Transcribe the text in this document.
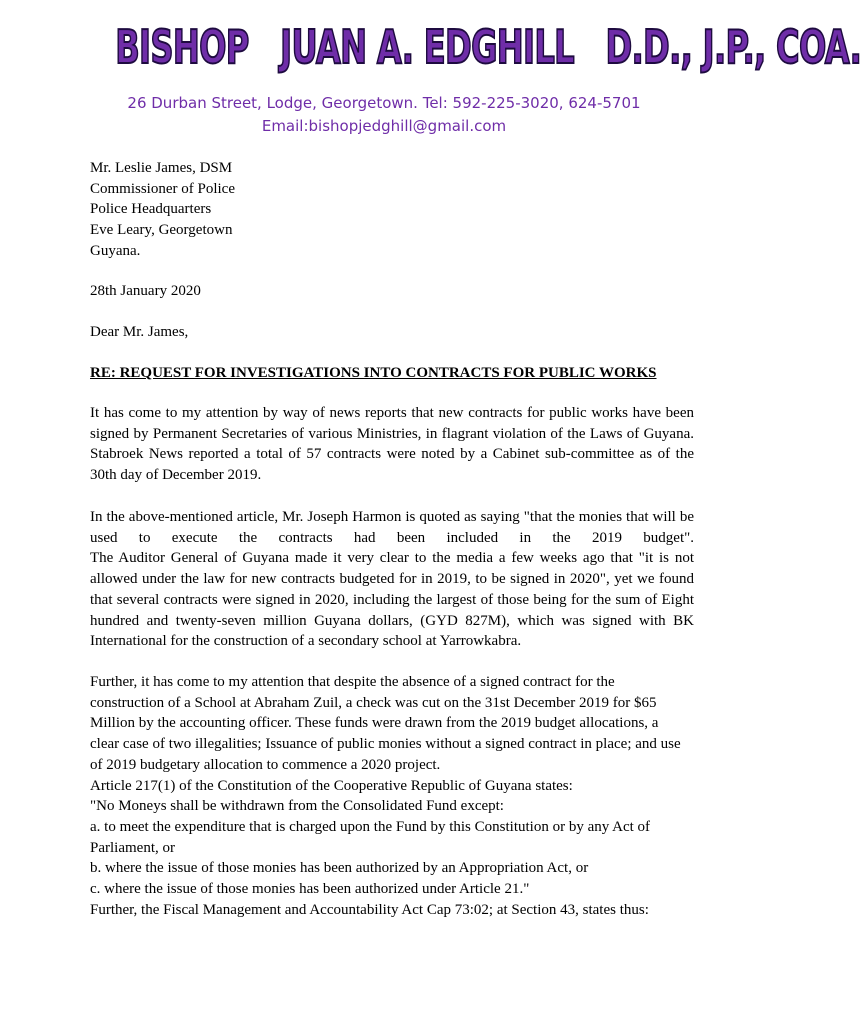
BISHOP   JUAN A. EDGHILL   D.D., J.P., COA.
26 Durban Street, Lodge, Georgetown. Tel: 592-225-3020, 624-5701
Email:bishopjedghill@gmail.com
Mr. Leslie James, DSM
Commissioner of Police
Police Headquarters
Eve Leary, Georgetown
Guyana.
28th January 2020
Dear Mr. James,
RE: REQUEST FOR INVESTIGATIONS INTO CONTRACTS FOR PUBLIC WORKS
It has come to my attention by way of news reports that new contracts for public works have been
signed by Permanent Secretaries of various Ministries, in flagrant violation of the Laws of Guyana.
Stabroek News reported a total of 57 contracts were noted by a Cabinet sub-committee as of the
30th day of December 2019.
In the above-mentioned article, Mr. Joseph Harmon is quoted as saying "that the monies that will be
used to execute the contracts had been included in the 2019 budget".
The Auditor General of Guyana made it very clear to the media a few weeks ago that "it is not
allowed under the law for new contracts budgeted for in 2019, to be signed in 2020", yet we found
that several contracts were signed in 2020, including the largest of those being for the sum of Eight
hundred and twenty-seven million Guyana dollars, (GYD 827M), which was signed with BK
International for the construction of a secondary school at Yarrowkabra.
Further, it has come to my attention that despite the absence of a signed contract for the
construction of a School at Abraham Zuil, a check was cut on the 31st December 2019 for $65
Million by the accounting officer. These funds were drawn from the 2019 budget allocations, a
clear case of two illegalities; Issuance of public monies without a signed contract in place; and use
of 2019 budgetary allocation to commence a 2020 project.
Article 217(1) of the Constitution of the Cooperative Republic of Guyana states:
"No Moneys shall be withdrawn from the Consolidated Fund except:
a. to meet the expenditure that is charged upon the Fund by this Constitution or by any Act of
Parliament, or
b. where the issue of those monies has been authorized by an Appropriation Act, or
c. where the issue of those monies has been authorized under Article 21."
Further, the Fiscal Management and Accountability Act Cap 73:02; at Section 43, states thus:
